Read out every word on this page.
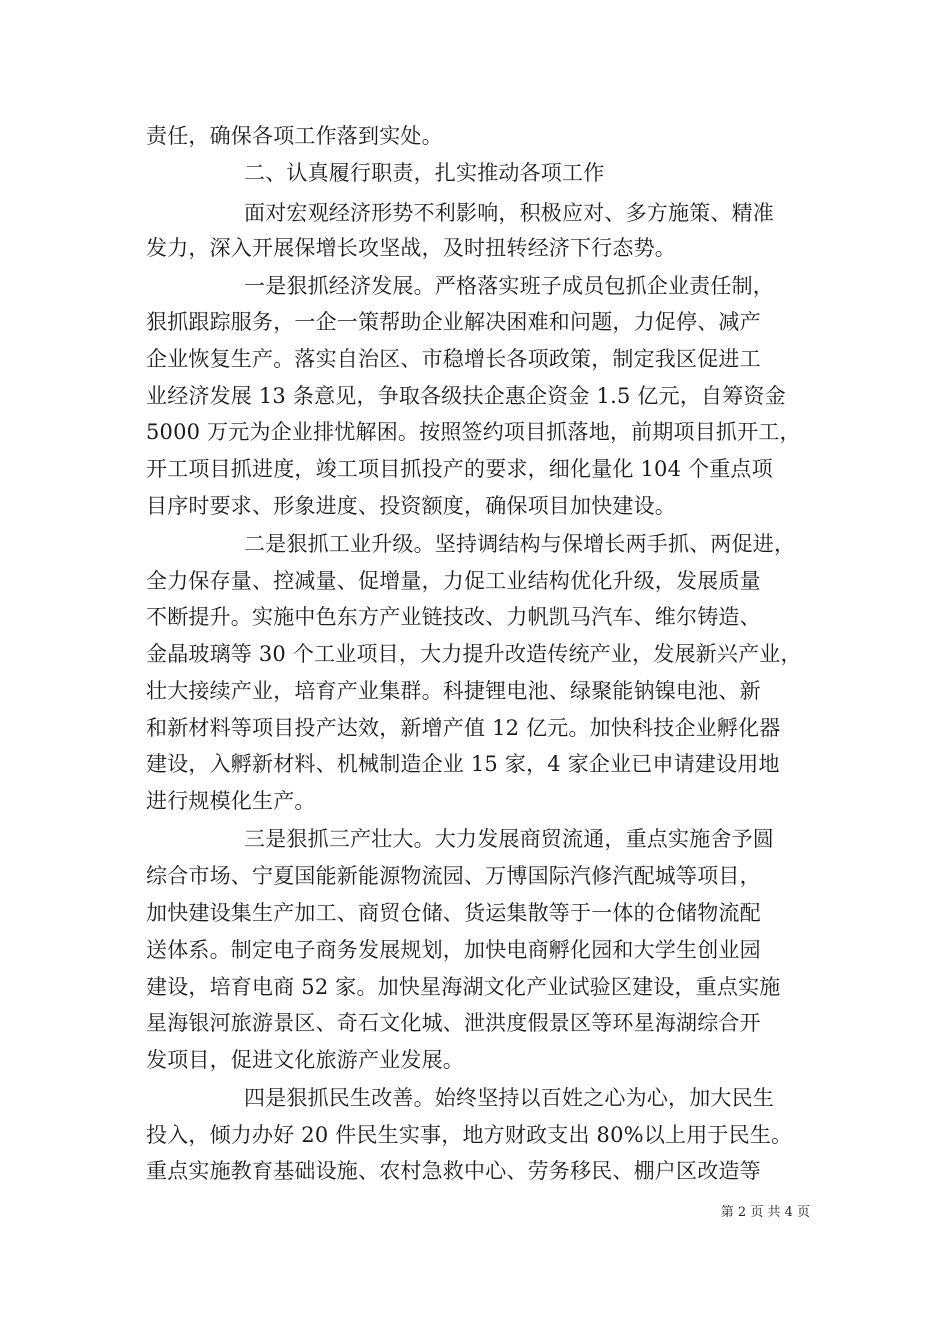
责任，确保各项工作落到实处。
二、认真履行职责，扎实推动各项工作
面对宏观经济形势不利影响，积极应对、多方施策、精准
发力，深入开展保增长攻坚战，及时扭转经济下行态势。
一是狠抓经济发展。严格落实班子成员包抓企业责任制，
狠抓跟踪服务，一企一策帮助企业解决困难和问题，力促停、减产
企业恢复生产。落实自治区、市稳增长各项政策，制定我区促进工
业经济发展 13 条意见，争取各级扶企惠企资金 1.5 亿元，自筹资金
5000 万元为企业排忧解困。按照签约项目抓落地，前期项目抓开工，
开工项目抓进度，竣工项目抓投产的要求，细化量化 104 个重点项
目序时要求、形象进度、投资额度，确保项目加快建设。
二是狠抓工业升级。坚持调结构与保增长两手抓、两促进，
全力保存量、控减量、促增量，力促工业结构优化升级，发展质量
不断提升。实施中色东方产业链技改、力帆凯马汽车、维尔铸造、
金晶玻璃等 30 个工业项目，大力提升改造传统产业，发展新兴产业，
壮大接续产业，培育产业集群。科捷锂电池、绿聚能钠镍电池、新
和新材料等项目投产达效，新增产值 12 亿元。加快科技企业孵化器
建设，入孵新材料、机械制造企业 15 家，4 家企业已申请建设用地
进行规模化生产。
三是狠抓三产壮大。大力发展商贸流通，重点实施舍予圆
综合市场、宁夏国能新能源物流园、万博国际汽修汽配城等项目，
加快建设集生产加工、商贸仓储、货运集散等于一体的仓储物流配
送体系。制定电子商务发展规划，加快电商孵化园和大学生创业园
建设，培育电商 52 家。加快星海湖文化产业试验区建设，重点实施
星海银河旅游景区、奇石文化城、泄洪度假景区等环星海湖综合开
发项目，促进文化旅游产业发展。
四是狠抓民生改善。始终坚持以百姓之心为心，加大民生
投入，倾力办好 20 件民生实事，地方财政支出 80%以上用于民生。
重点实施教育基础设施、农村急救中心、劳务移民、棚户区改造等
第 2 页 共 4 页
